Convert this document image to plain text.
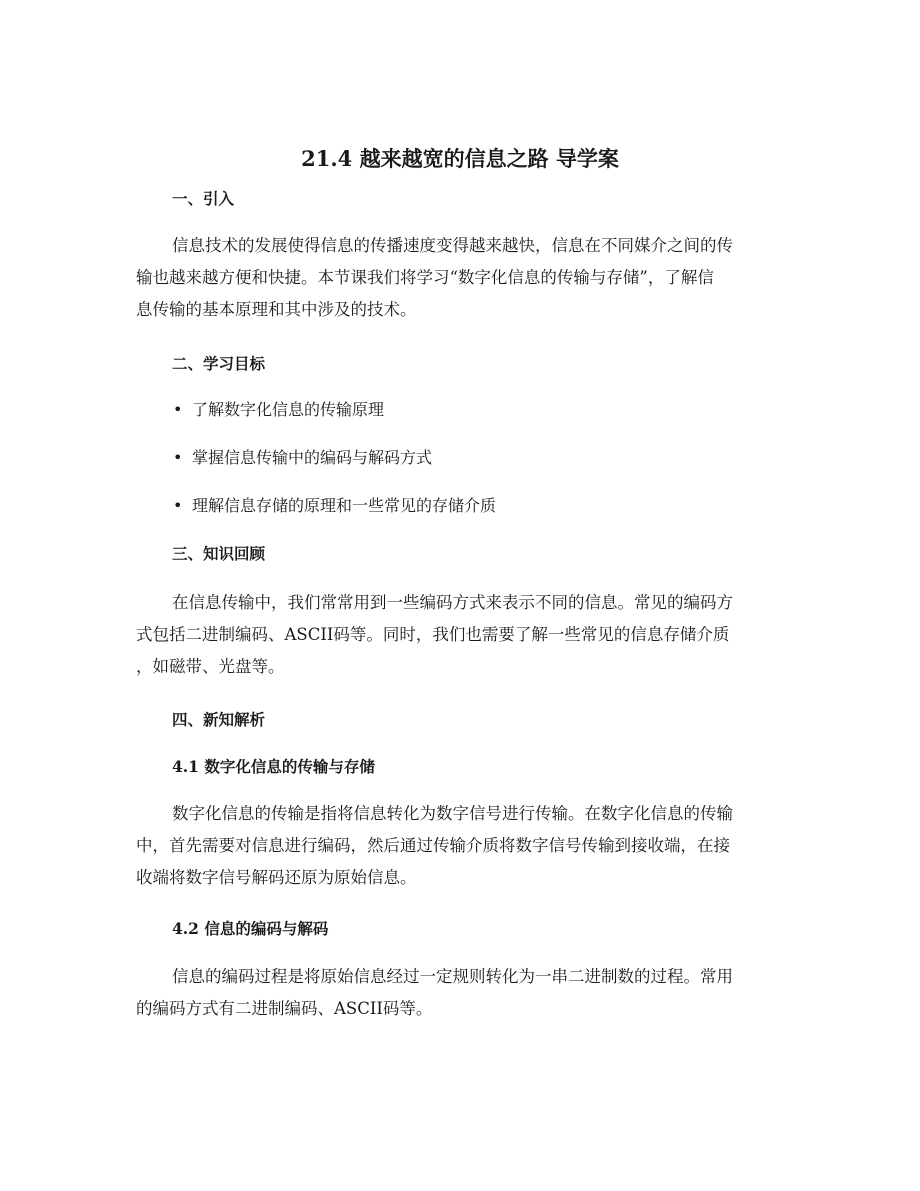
21.4 越来越宽的信息之路 导学案
一、引入
信息技术的发展使得信息的传播速度变得越来越快，信息在不同媒介之间的传
输也越来越方便和快捷。本节课我们将学习“数字化信息的传输与存储”，了解信
息传输的基本原理和其中涉及的技术。
二、学习目标
• 了解数字化信息的传输原理
• 掌握信息传输中的编码与解码方式
• 理解信息存储的原理和一些常见的存储介质
三、知识回顾
在信息传输中，我们常常用到一些编码方式来表示不同的信息。常见的编码方
式包括二进制编码、ASCII码等。同时，我们也需要了解一些常见的信息存储介质
，如磁带、光盘等。
四、新知解析
4.1 数字化信息的传输与存储
数字化信息的传输是指将信息转化为数字信号进行传输。在数字化信息的传输
中，首先需要对信息进行编码，然后通过传输介质将数字信号传输到接收端，在接
收端将数字信号解码还原为原始信息。
4.2 信息的编码与解码
信息的编码过程是将原始信息经过一定规则转化为一串二进制数的过程。常用
的编码方式有二进制编码、ASCII码等。
